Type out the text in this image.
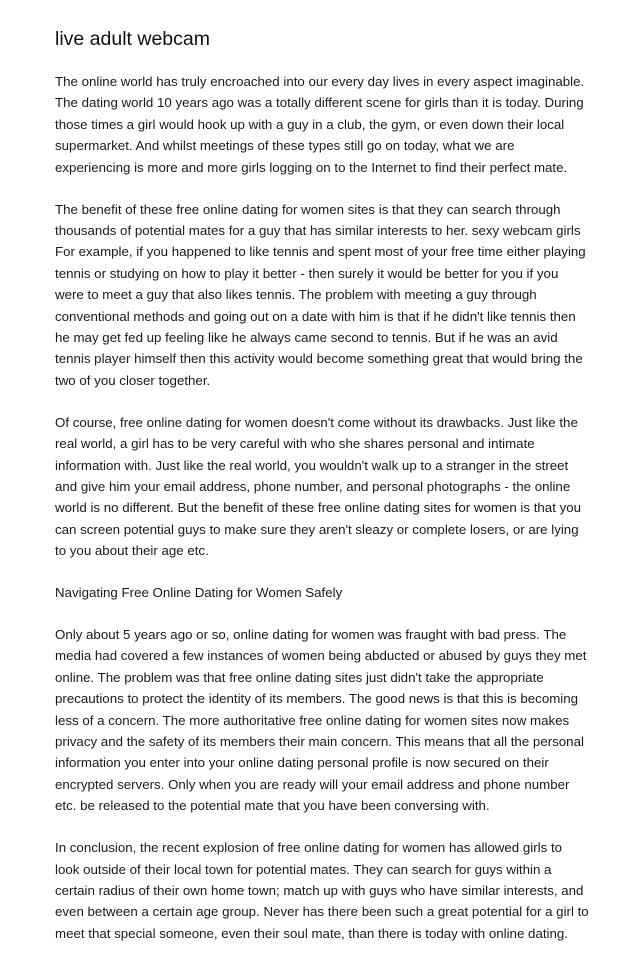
live adult webcam

The online world has truly encroached into our every day lives in every aspect imaginable. The dating world 10 years ago was a totally different scene for girls than it is today. During those times a girl would hook up with a guy in a club, the gym, or even down their local supermarket. And whilst meetings of these types still go on today, what we are experiencing is more and more girls logging on to the Internet to find their perfect mate.

The benefit of these free online dating for women sites is that they can search through thousands of potential mates for a guy that has similar interests to her. sexy webcam girls For example, if you happened to like tennis and spent most of your free time either playing tennis or studying on how to play it better - then surely it would be better for you if you were to meet a guy that also likes tennis. The problem with meeting a guy through conventional methods and going out on a date with him is that if he didn't like tennis then he may get fed up feeling like he always came second to tennis. But if he was an avid tennis player himself then this activity would become something great that would bring the two of you closer together.

Of course, free online dating for women doesn't come without its drawbacks. Just like the real world, a girl has to be very careful with who she shares personal and intimate information with. Just like the real world, you wouldn't walk up to a stranger in the street and give him your email address, phone number, and personal photographs - the online world is no different. But the benefit of these free online dating sites for women is that you can screen potential guys to make sure they aren't sleazy or complete losers, or are lying to you about their age etc.

Navigating Free Online Dating for Women Safely

Only about 5 years ago or so, online dating for women was fraught with bad press. The media had covered a few instances of women being abducted or abused by guys they met online. The problem was that free online dating sites just didn't take the appropriate precautions to protect the identity of its members. The good news is that this is becoming less of a concern. The more authoritative free online dating for women sites now makes privacy and the safety of its members their main concern. This means that all the personal information you enter into your online dating personal profile is now secured on their encrypted servers. Only when you are ready will your email address and phone number etc. be released to the potential mate that you have been conversing with.

In conclusion, the recent explosion of free online dating for women has allowed girls to look outside of their local town for potential mates. They can search for guys within a certain radius of their own home town; match up with guys who have similar interests, and even between a certain age group. Never has there been such a great potential for a girl to meet that special someone, even their soul mate, than there is today with online dating.
